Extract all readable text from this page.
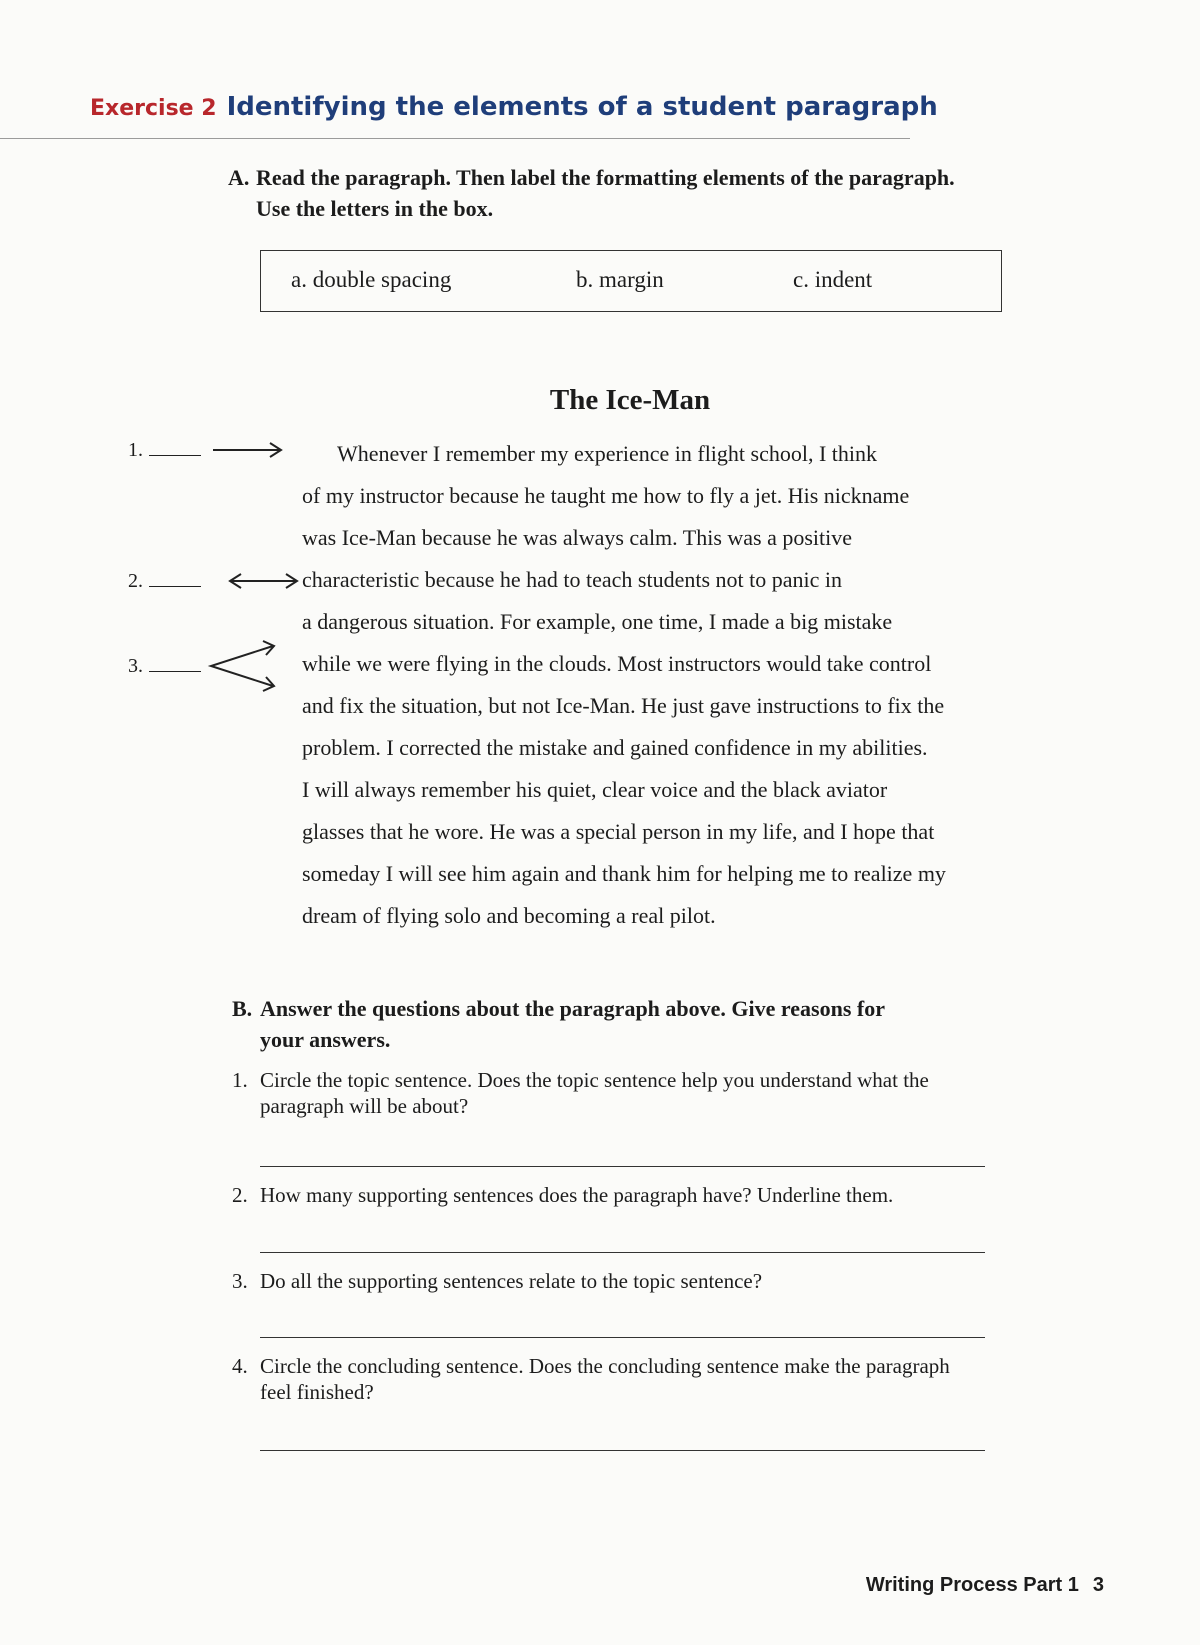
Exercise 2 Identifying the elements of a student paragraph
A. Read the paragraph. Then label the formatting elements of the paragraph.
Use the letters in the box.
a. double spacing	b. margin	c. indent
The Ice-Man
1.
2.
3.
Whenever I remember my experience in flight school, I think
of my instructor because he taught me how to fly a jet. His nickname
was Ice-Man because he was always calm. This was a positive
characteristic because he had to teach students not to panic in
a dangerous situation. For example, one time, I made a big mistake
while we were flying in the clouds. Most instructors would take control
and fix the situation, but not Ice-Man. He just gave instructions to fix the
problem. I corrected the mistake and gained confidence in my abilities.
I will always remember his quiet, clear voice and the black aviator
glasses that he wore. He was a special person in my life, and I hope that
someday I will see him again and thank him for helping me to realize my
dream of flying solo and becoming a real pilot.
B. Answer the questions about the paragraph above. Give reasons for
your answers.
1. Circle the topic sentence. Does the topic sentence help you understand what the
paragraph will be about?
2. How many supporting sentences does the paragraph have? Underline them.
3. Do all the supporting sentences relate to the topic sentence?
4. Circle the concluding sentence. Does the concluding sentence make the paragraph
feel finished?
Writing Process Part 1 3
